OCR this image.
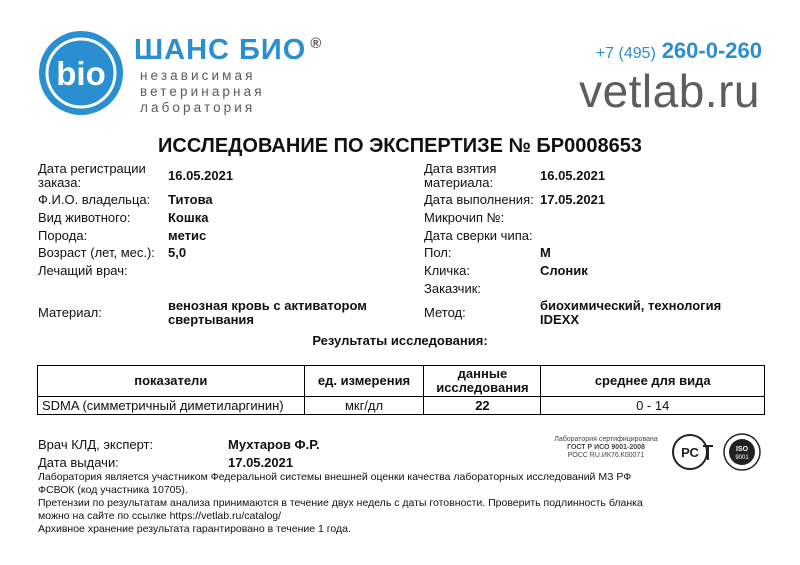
bio
ШАНС БИО ®
независимая
ветеринарная
лаборатория
+7 (495) 260-0-260
vetlab.ru
ИССЛЕДОВАНИЕ ПО ЭКСПЕРТИЗЕ № БР0008653
Дата регистрации заказа:	16.05.2021
Ф.И.О. владельца: Титова
Вид животного:	Кошка
Порода:	метис
Возраст (лет, мес.): 5,0
Лечащий врач:
Материал:	венозная кровь с активатором свертывания
Дата взятия материала:	16.05.2021
Дата выполнения: 17.05.2021
Микрочип №:
Дата сверки чипа:
Пол:	М
Кличка:	Слоник
Заказчик:
Метод:	биохимический, технология IDEXX
Результаты исследования:
показатели	ед. измерения	данные исследования	среднее для вида
SDMA (симметричный диметиларгинин)	мкг/дл	22	0 - 14
Врач КЛД, эксперт:	Мухтаров Ф.Р.
Дата выдачи:	17.05.2021
Лаборатория является участником Федеральной системы внешней оценки качества лабораторных исследований МЗ РФ
ФСВОК (код участника 10705).
Претензии по результатам анализа принимаются в течение двух недель с даты готовности. Проверить подлинность бланка
можно на сайте по ссылке https://vetlab.ru/catalog/
Архивное хранение результата гарантировано в течение 1 года.
Лаборатория сертифицирована
ГОСТ Р ИСО 9001-2008
РОСС RU.ИК76.К00071	РС	ISO
9001
